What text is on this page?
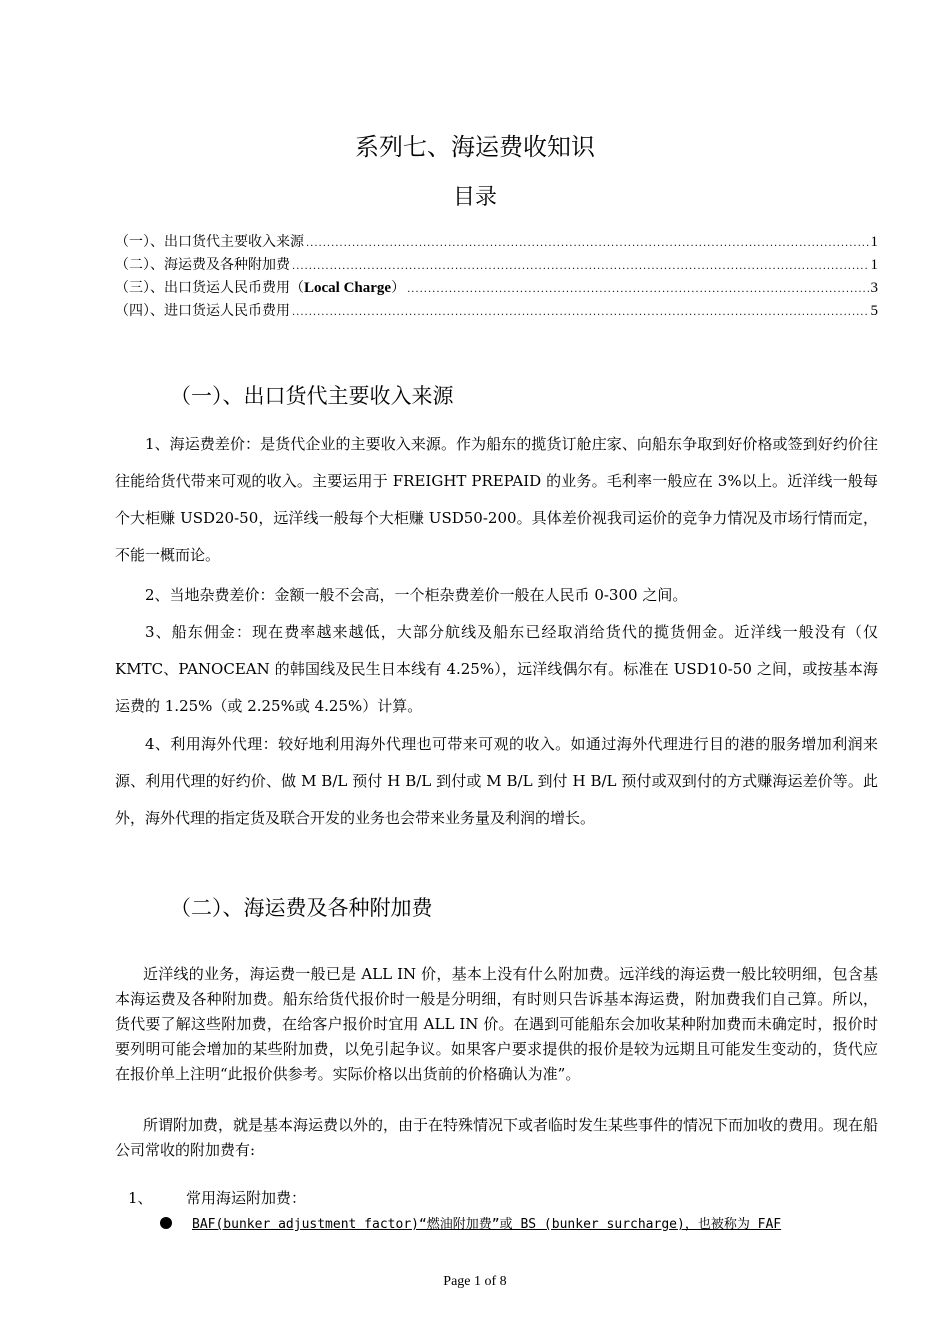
系列七、海运费收知识
目录
（一）、出口货代主要收入来源 .....	1
（二）、海运费及各种附加费 .....	1
（三）、出口货运人民币费用（Local Charge） .....	3
（四）、进口货运人民币费用 .....	5
（一）、出口货代主要收入来源
1、海运费差价：是货代企业的主要收入来源。作为船东的揽货订舱庄家、向船东争取到好价格或签到好约价往往能给货代带来可观的收入。主要运用于 FREIGHT PREPAID 的业务。毛利率一般应在 3%以上。近洋线一般每个大柜赚 USD20-50，远洋线一般每个大柜赚 USD50-200。具体差价视我司运价的竞争力情况及市场行情而定，不能一概而论。
2、当地杂费差价：金额一般不会高，一个柜杂费差价一般在人民币 0-300 之间。
3、船东佣金：现在费率越来越低，大部分航线及船东已经取消给货代的揽货佣金。近洋线一般没有（仅 KMTC、PANOCEAN 的韩国线及民生日本线有 4.25%），远洋线偶尔有。标准在 USD10-50 之间，或按基本海运费的 1.25%（或 2.25%或 4.25%）计算。
4、利用海外代理：较好地利用海外代理也可带来可观的收入。如通过海外代理进行目的港的服务增加利润来源、利用代理的好约价、做 M B/L 预付 H B/L 到付或 M B/L 到付 H B/L 预付或双到付的方式赚海运差价等。此外，海外代理的指定货及联合开发的业务也会带来业务量及利润的增长。
（二）、海运费及各种附加费
近洋线的业务，海运费一般已是 ALL IN 价，基本上没有什么附加费。远洋线的海运费一般比较明细，包含基本海运费及各种附加费。船东给货代报价时一般是分明细，有时则只告诉基本海运费，附加费我们自己算。所以，货代要了解这些附加费，在给客户报价时宜用 ALL IN 价。在遇到可能船东会加收某种附加费而未确定时，报价时要列明可能会增加的某些附加费，以免引起争议。如果客户要求提供的报价是较为远期且可能发生变动的，货代应在报价单上注明“此报价供参考。实际价格以出货前的价格确认为准”。
所谓附加费，就是基本海运费以外的，由于在特殊情况下或者临时发生某些事件的情况下而加收的费用。现在船公司常收的附加费有:
1、 常用海运附加费：
BAF(bunker adjustment factor)“燃油附加费”或 BS (bunker surcharge)，也被称为 FAF
Page 1 of 8
